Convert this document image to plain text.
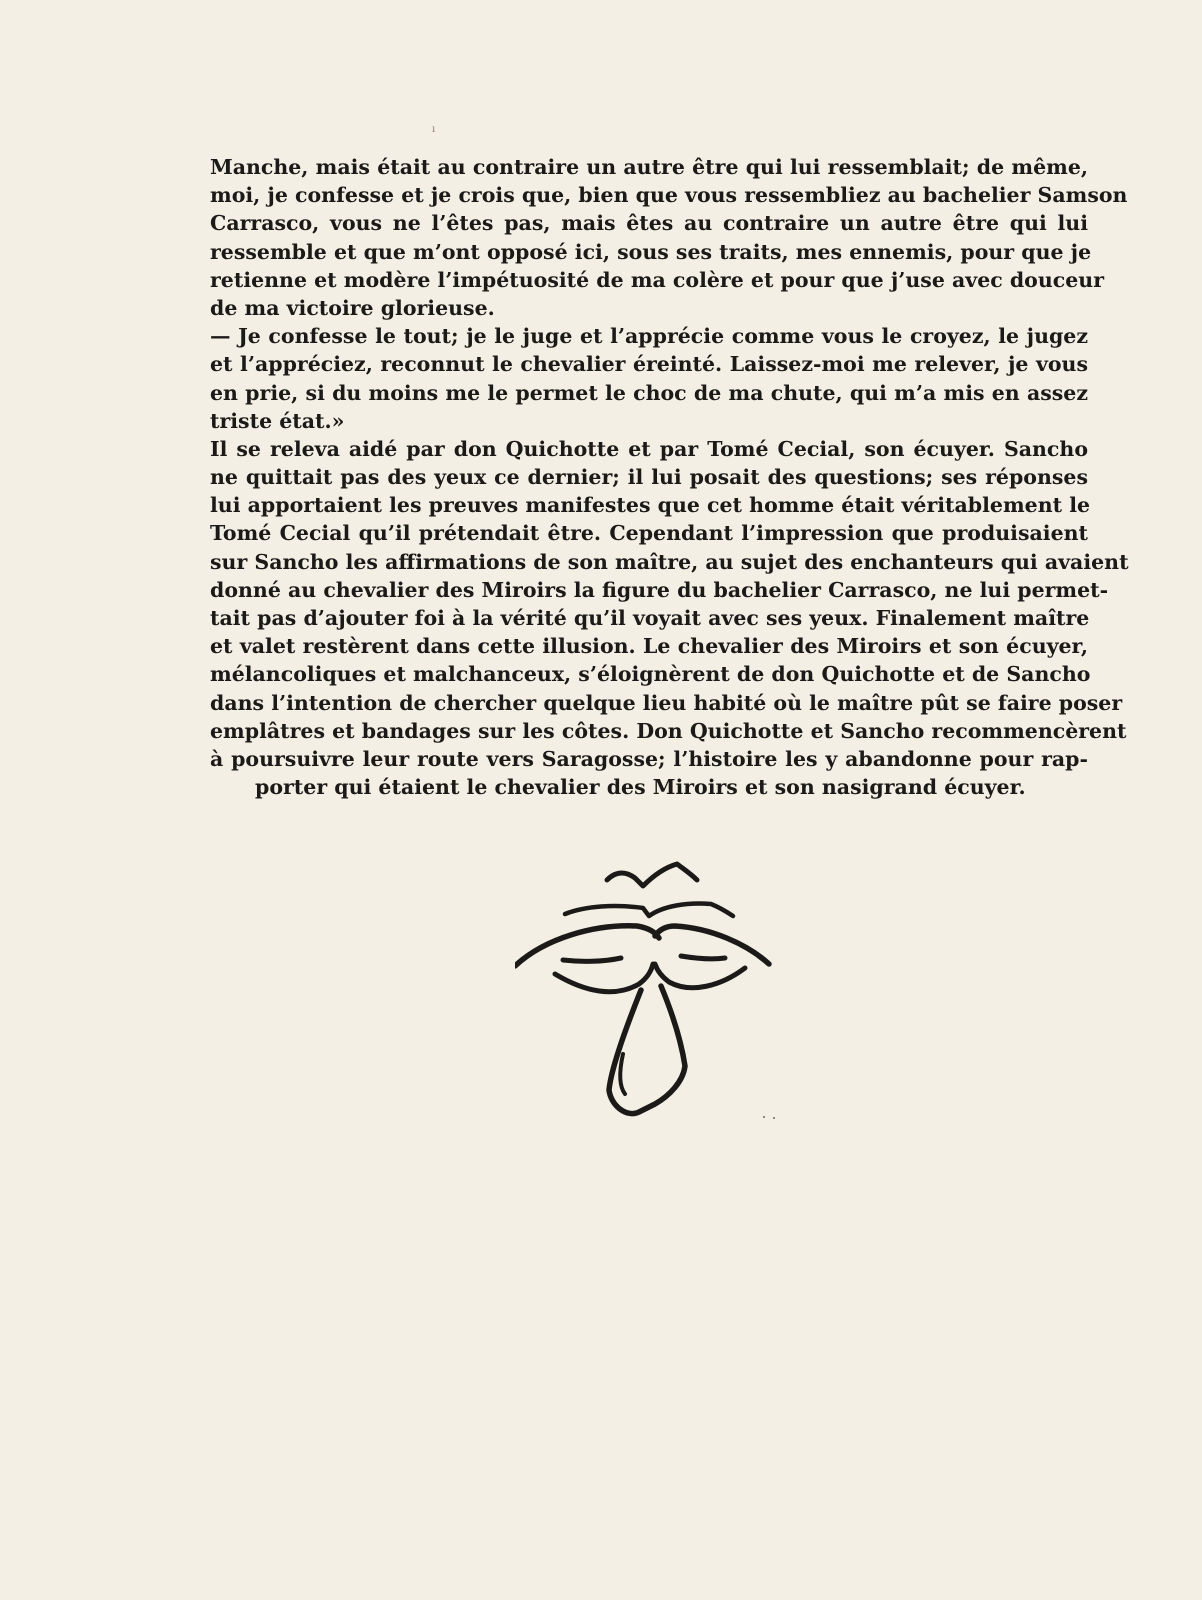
ı
Manche, mais était au contraire un autre être qui lui ressemblait; de même,
moi, je confesse et je crois que, bien que vous ressembliez au bachelier Samson
Carrasco, vous ne l’êtes pas, mais êtes au contraire un autre être qui lui
ressemble et que m’ont opposé ici, sous ses traits, mes ennemis, pour que je
retienne et modère l’impétuosité de ma colère et pour que j’use avec douceur
de ma victoire glorieuse.
— Je confesse le tout; je le juge et l’apprécie comme vous le croyez, le jugez
et l’appréciez, reconnut le chevalier éreinté. Laissez-moi me relever, je vous
en prie, si du moins me le permet le choc de ma chute, qui m’a mis en assez
triste état.»
Il se releva aidé par don Quichotte et par Tomé Cecial, son écuyer. Sancho
ne quittait pas des yeux ce dernier; il lui posait des questions; ses réponses
lui apportaient les preuves manifestes que cet homme était véritablement le
Tomé Cecial qu’il prétendait être. Cependant l’impression que produisaient
sur Sancho les affirmations de son maître, au sujet des enchanteurs qui avaient
donné au chevalier des Miroirs la figure du bachelier Carrasco, ne lui permet-
tait pas d’ajouter foi à la vérité qu’il voyait avec ses yeux. Finalement maître
et valet restèrent dans cette illusion. Le chevalier des Miroirs et son écuyer,
mélancoliques et malchanceux, s’éloignèrent de don Quichotte et de Sancho
dans l’intention de chercher quelque lieu habité où le maître pût se faire poser
emplâtres et bandages sur les côtes. Don Quichotte et Sancho recommencèrent
à poursuivre leur route vers Saragosse; l’histoire les y abandonne pour rap-
porter qui étaient le chevalier des Miroirs et son nasigrand écuyer.
